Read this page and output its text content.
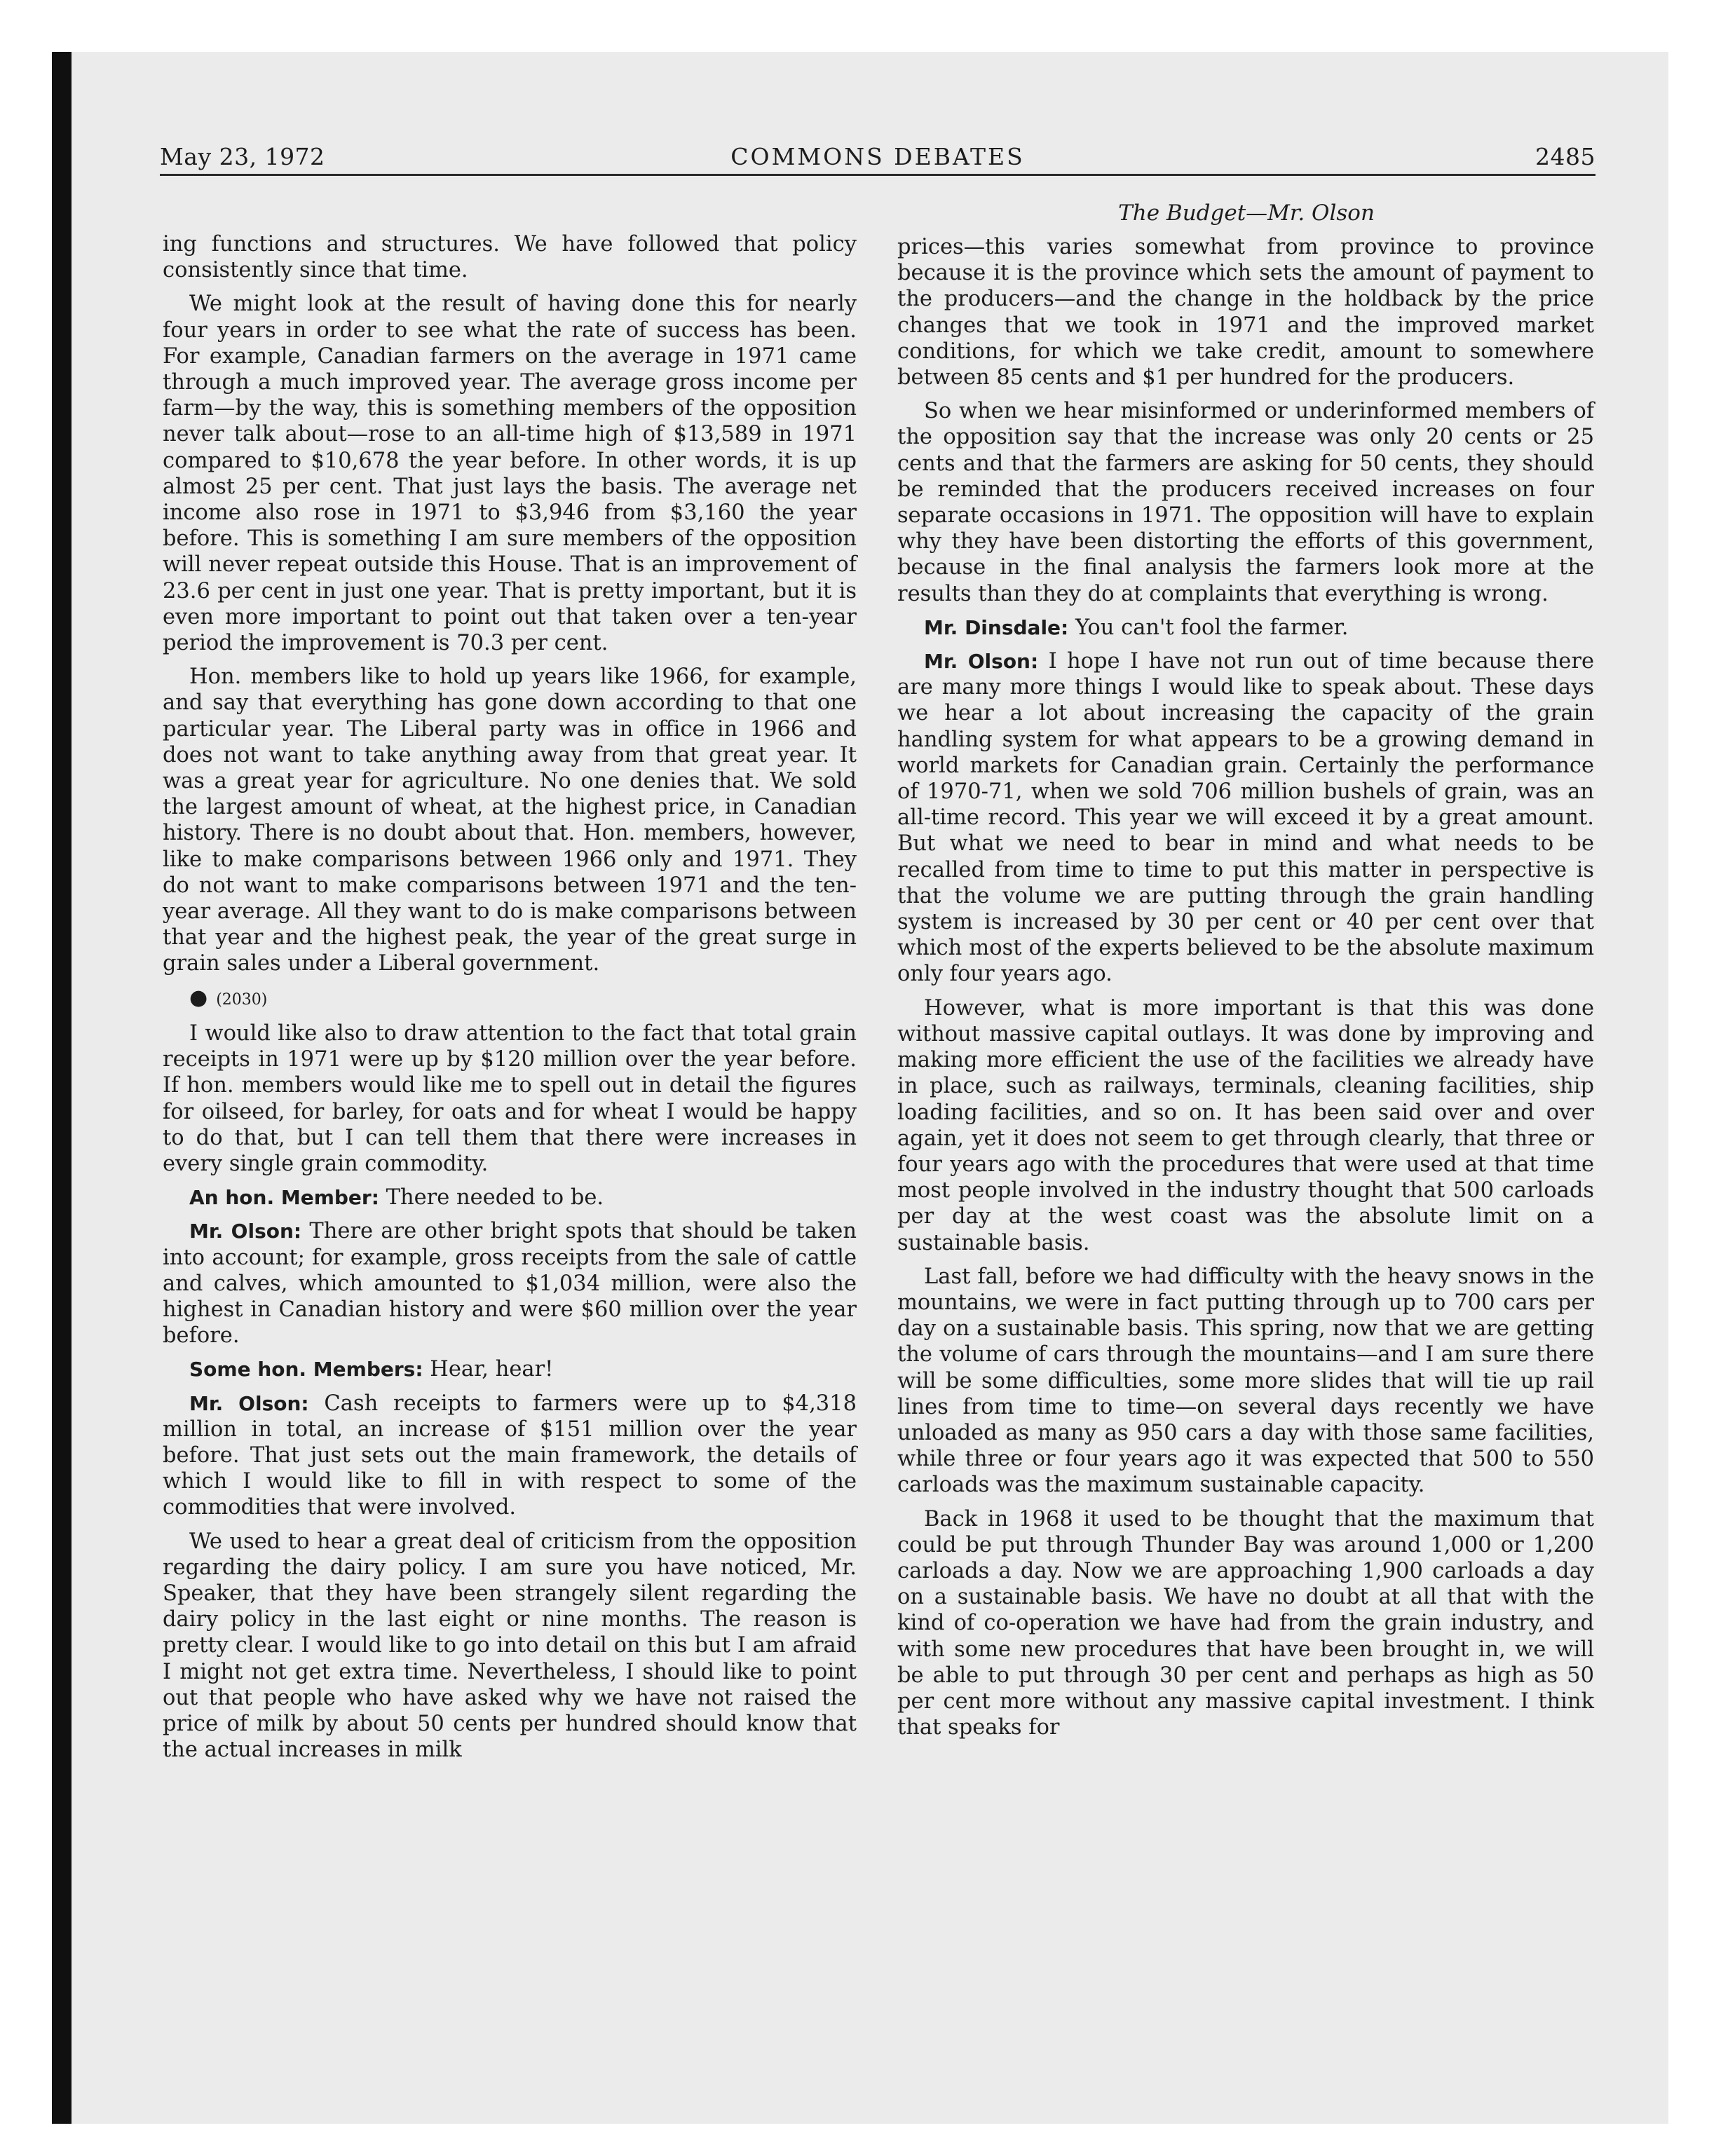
COMMONS DEBATES
May 23, 1972	2485
The Budget—Mr. Olson

ing functions and structures. We have followed that policy consistently since that time.

We might look at the result of having done this for nearly four years in order to see what the rate of success has been. For example, Canadian farmers on the average in 1971 came through a much improved year. The average gross income per farm—by the way, this is something members of the opposition never talk about—rose to an all-time high of $13,589 in 1971 compared to $10,678 the year before. In other words, it is up almost 25 per cent. That just lays the basis. The average net income also rose in 1971 to $3,946 from $3,160 the year before. This is something I am sure members of the opposition will never repeat outside this House. That is an improvement of 23.6 per cent in just one year. That is pretty important, but it is even more important to point out that taken over a ten-year period the improvement is 70.3 per cent.

Hon. members like to hold up years like 1966, for example, and say that everything has gone down according to that one particular year. The Liberal party was in office in 1966 and does not want to take anything away from that great year. It was a great year for agriculture. No one denies that. We sold the largest amount of wheat, at the highest price, in Canadian history. There is no doubt about that. Hon. members, however, like to make comparisons between 1966 only and 1971. They do not want to make comparisons between 1971 and the ten-year average. All they want to do is make comparisons between that year and the highest peak, the year of the great surge in grain sales under a Liberal government.

● (2030)

I would like also to draw attention to the fact that total grain receipts in 1971 were up by $120 million over the year before. If hon. members would like me to spell out in detail the figures for oilseed, for barley, for oats and for wheat I would be happy to do that, but I can tell them that there were increases in every single grain commodity.

An hon. Member: There needed to be.

Mr. Olson: There are other bright spots that should be taken into account; for example, gross receipts from the sale of cattle and calves, which amounted to $1,034 million, were also the highest in Canadian history and were $60 million over the year before.

Some hon. Members: Hear, hear!

Mr. Olson: Cash receipts to farmers were up to $4,318 million in total, an increase of $151 million over the year before. That just sets out the main framework, the details of which I would like to fill in with respect to some of the commodities that were involved.

We used to hear a great deal of criticism from the opposition regarding the dairy policy. I am sure you have noticed, Mr. Speaker, that they have been strangely silent regarding the dairy policy in the last eight or nine months. The reason is pretty clear. I would like to go into detail on this but I am afraid I might not get extra time. Nevertheless, I should like to point out that people who have asked why we have not raised the price of milk by about 50 cents per hundred should know that the actual increases in milk

prices—this varies somewhat from province to province because it is the province which sets the amount of payment to the producers—and the change in the holdback by the price changes that we took in 1971 and the improved market conditions, for which we take credit, amount to somewhere between 85 cents and $1 per hundred for the producers.

So when we hear misinformed or underinformed members of the opposition say that the increase was only 20 cents or 25 cents and that the farmers are asking for 50 cents, they should be reminded that the producers received increases on four separate occasions in 1971. The opposition will have to explain why they have been distorting the efforts of this government, because in the final analysis the farmers look more at the results than they do at complaints that everything is wrong.

Mr. Dinsdale: You can't fool the farmer.

Mr. Olson: I hope I have not run out of time because there are many more things I would like to speak about. These days we hear a lot about increasing the capacity of the grain handling system for what appears to be a growing demand in world markets for Canadian grain. Certainly the performance of 1970-71, when we sold 706 million bushels of grain, was an all-time record. This year we will exceed it by a great amount. But what we need to bear in mind and what needs to be recalled from time to time to put this matter in perspective is that the volume we are putting through the grain handling system is increased by 30 per cent or 40 per cent over that which most of the experts believed to be the absolute maximum only four years ago.

However, what is more important is that this was done without massive capital outlays. It was done by improving and making more efficient the use of the facilities we already have in place, such as railways, terminals, cleaning facilities, ship loading facilities, and so on. It has been said over and over again, yet it does not seem to get through clearly, that three or four years ago with the procedures that were used at that time most people involved in the industry thought that 500 carloads per day at the west coast was the absolute limit on a sustainable basis.

Last fall, before we had difficulty with the heavy snows in the mountains, we were in fact putting through up to 700 cars per day on a sustainable basis. This spring, now that we are getting the volume of cars through the mountains—and I am sure there will be some difficulties, some more slides that will tie up rail lines from time to time—on several days recently we have unloaded as many as 950 cars a day with those same facilities, while three or four years ago it was expected that 500 to 550 carloads was the maximum sustainable capacity.

Back in 1968 it used to be thought that the maximum that could be put through Thunder Bay was around 1,000 or 1,200 carloads a day. Now we are approaching 1,900 carloads a day on a sustainable basis. We have no doubt at all that with the kind of co-operation we have had from the grain industry, and with some new procedures that have been brought in, we will be able to put through 30 per cent and perhaps as high as 50 per cent more without any massive capital investment. I think that speaks for
